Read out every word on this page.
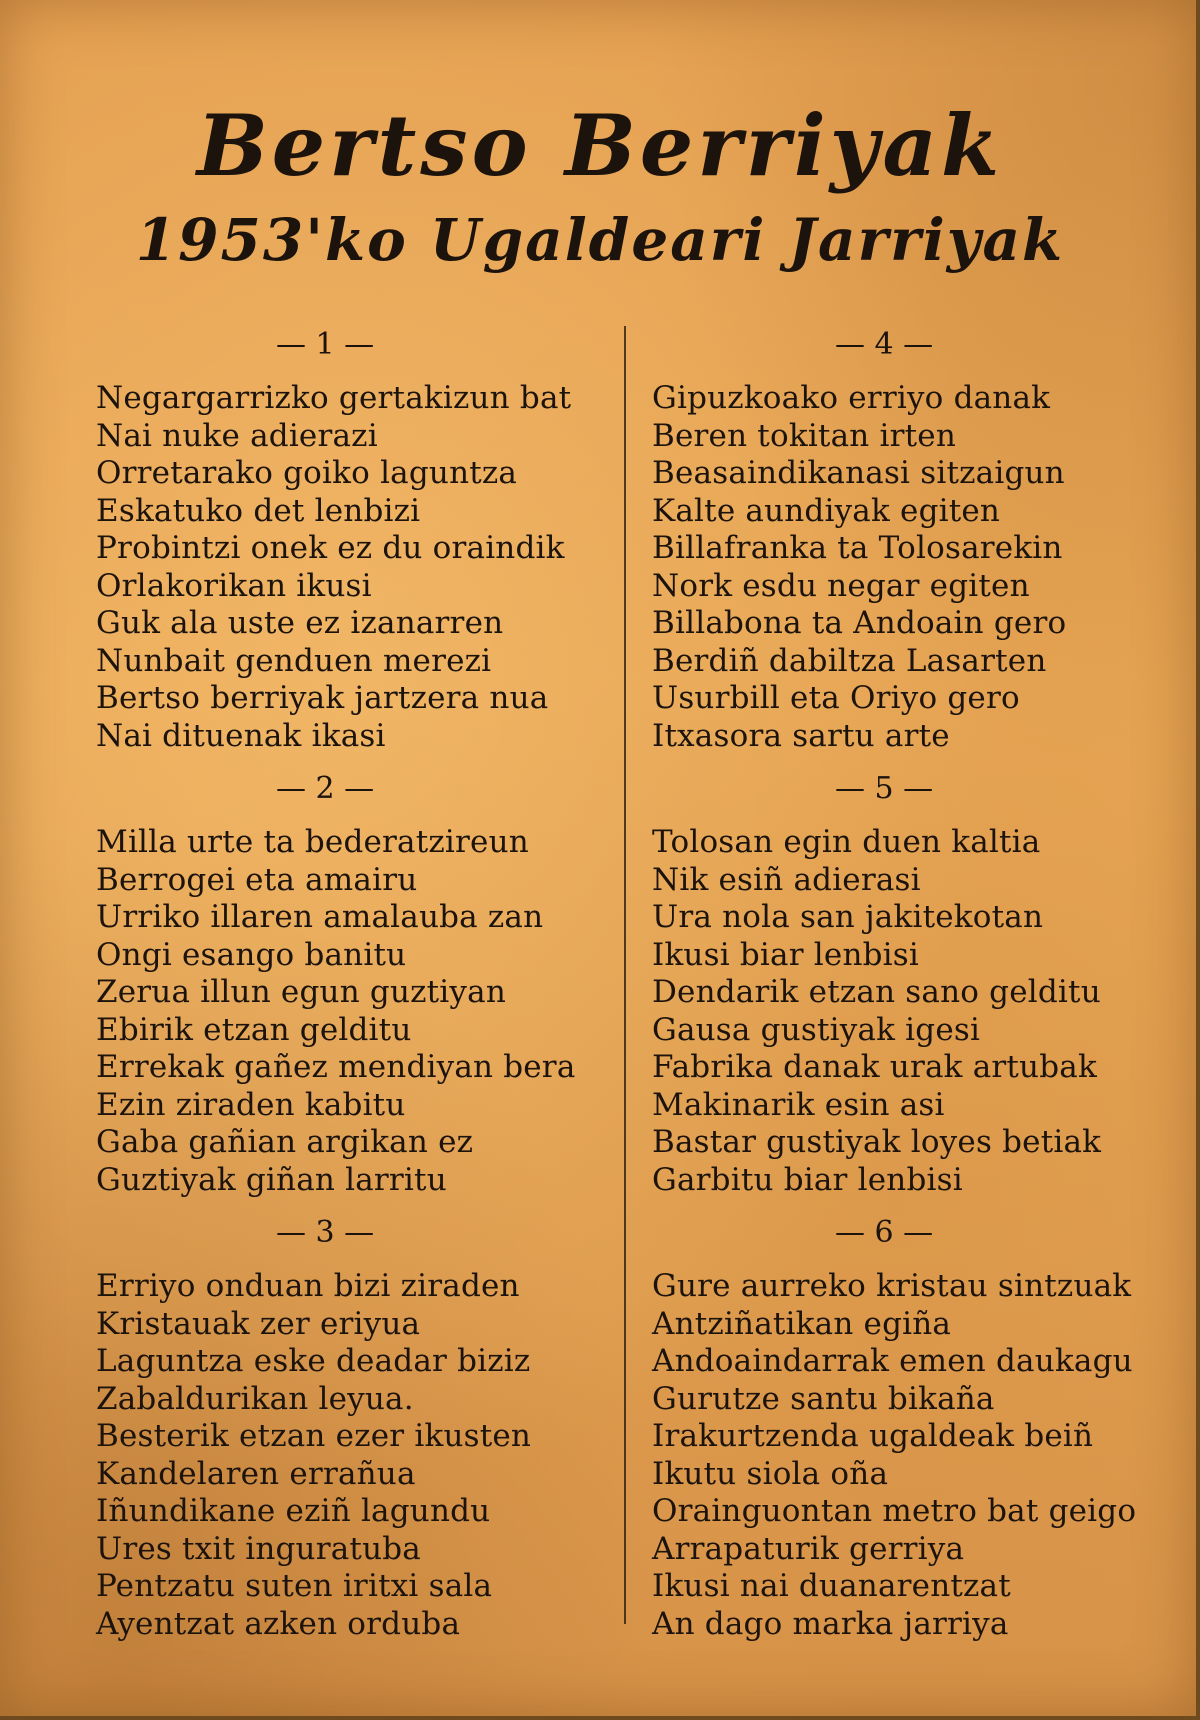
Bertso Berriyak
1953'ko Ugaldeari Jarriyak
— 1 —
Negargarrizko gertakizun bat
Nai nuke adierazi
Orretarako goiko laguntza
Eskatuko det lenbizi
Probintzi onek ez du oraindik
Orlakorikan ikusi
Guk ala uste ez izanarren
Nunbait genduen merezi
Bertso berriyak jartzera nua
Nai dituenak ikasi
— 2 —
Milla urte ta bederatzireun
Berrogei eta amairu
Urriko illaren amalauba zan
Ongi esango banitu
Zerua illun egun guztiyan
Ebirik etzan gelditu
Errekak gañez mendiyan bera
Ezin ziraden kabitu
Gaba gañian argikan ez
Guztiyak giñan larritu
— 3 —
Erriyo onduan bizi ziraden
Kristauak zer eriyua
Laguntza eske deadar biziz
Zabaldurikan leyua.
Besterik etzan ezer ikusten
Kandelaren errañua
Iñundikane eziñ lagundu
Ures txit inguratuba
Pentzatu suten iritxi sala
Ayentzat azken orduba
— 4 —
Gipuzkoako erriyo danak
Beren tokitan irten
Beasaindikanasi sitzaigun
Kalte aundiyak egiten
Billafranka ta Tolosarekin
Nork esdu negar egiten
Billabona ta Andoain gero
Berdiñ dabiltza Lasarten
Usurbill eta Oriyo gero
Itxasora sartu arte
— 5 —
Tolosan egin duen kaltia
Nik esiñ adierasi
Ura nola san jakitekotan
Ikusi biar lenbisi
Dendarik etzan sano gelditu
Gausa gustiyak igesi
Fabrika danak urak artubak
Makinarik esin asi
Bastar gustiyak loyes betiak
Garbitu biar lenbisi
— 6 —
Gure aurreko kristau sintzuak
Antziñatikan egiña
Andoaindarrak emen daukagu
Gurutze santu bikaña
Irakurtzenda ugaldeak beiñ
Ikutu siola oña
Orainguontan metro bat geigo
Arrapaturik gerriya
Ikusi nai duanarentzat
An dago marka jarriya
